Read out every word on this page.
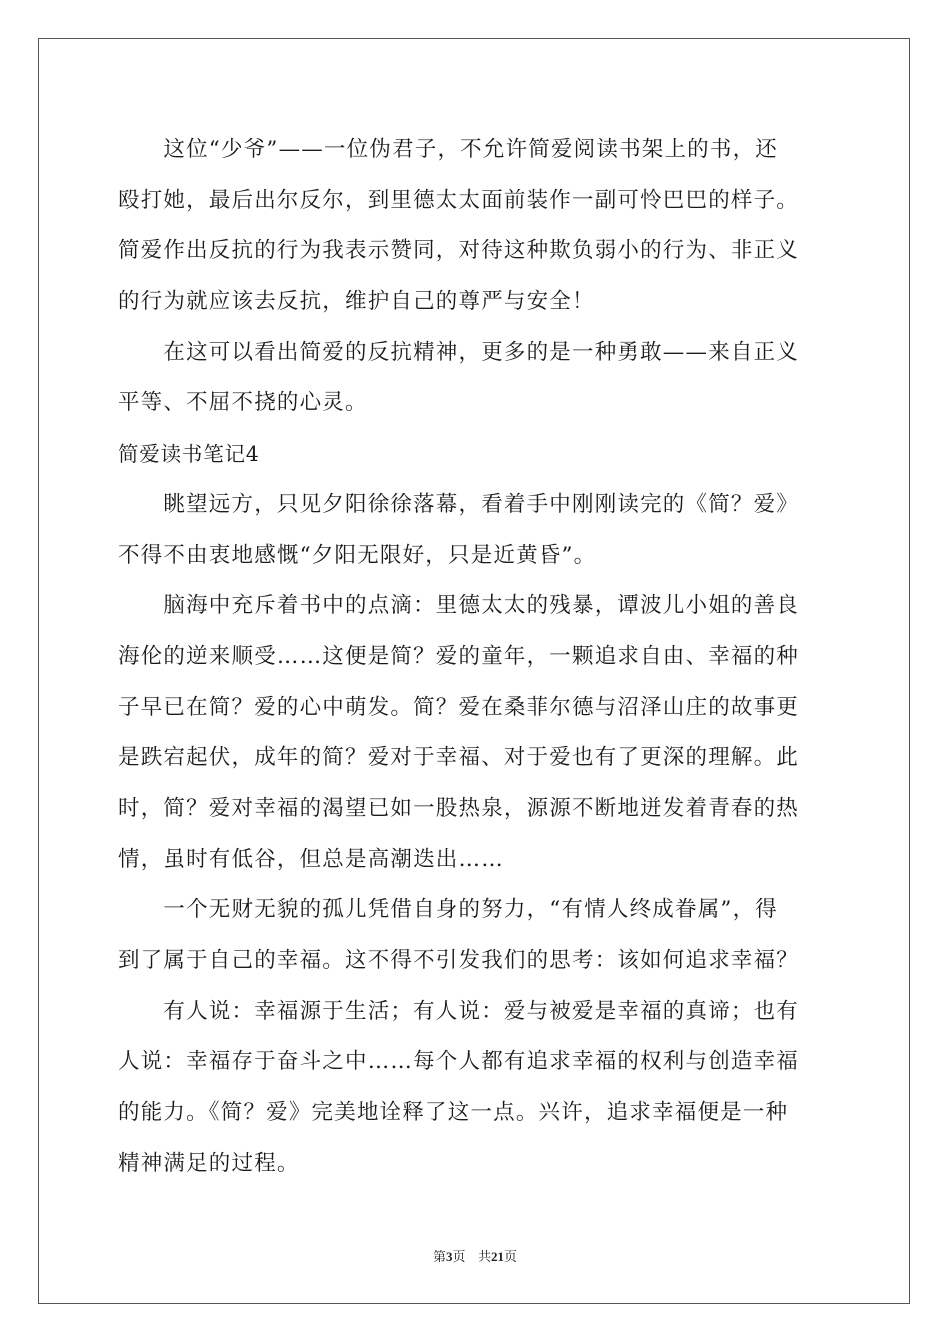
　　这位“少爷”——一位伪君子，不允许简爱阅读书架上的书，还
殴打她，最后出尔反尔，到里德太太面前装作一副可怜巴巴的样子。
简爱作出反抗的行为我表示赞同，对待这种欺负弱小的行为、非正义
的行为就应该去反抗，维护自己的尊严与安全！
　　在这可以看出简爱的反抗精神，更多的是一种勇敢——来自正义
平等、不屈不挠的心灵。
简爱读书笔记4
　　眺望远方，只见夕阳徐徐落幕，看着手中刚刚读完的《简？爱》
不得不由衷地感慨“夕阳无限好，只是近黄昏”。
　　脑海中充斥着书中的点滴：里德太太的残暴，谭波儿小姐的善良
海伦的逆来顺受……这便是简？爱的童年，一颗追求自由、幸福的种
子早已在简？爱的心中萌发。简？爱在桑菲尔德与沼泽山庄的故事更
是跌宕起伏，成年的简？爱对于幸福、对于爱也有了更深的理解。此
时，简？爱对幸福的渴望已如一股热泉，源源不断地迸发着青春的热
情，虽时有低谷，但总是高潮迭出……
　　一个无财无貌的孤儿凭借自身的努力，“有情人终成眷属”，得
到了属于自己的幸福。这不得不引发我们的思考：该如何追求幸福？
　　有人说：幸福源于生活；有人说：爱与被爱是幸福的真谛；也有
人说：幸福存于奋斗之中……每个人都有追求幸福的权利与创造幸福
的能力。《简？爱》完美地诠释了这一点。兴许，追求幸福便是一种
精神满足的过程。
第3页 共21页
